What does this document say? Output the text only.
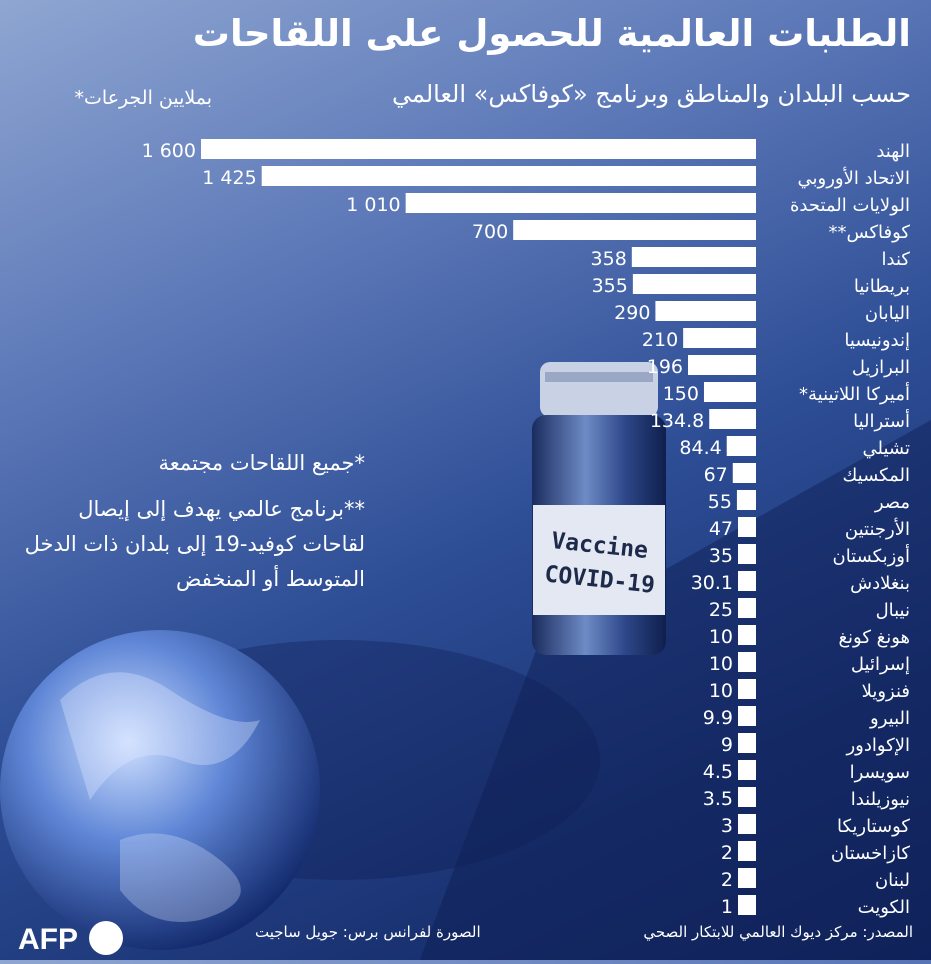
Vaccine
COVID-19
الطلبات العالمية للحصول على اللقاحات
حسب البلدان والمناطق وبرنامج «كوفاكس» العالمي
بملايين الجرعات*
1 600	الهند
1 425	الاتحاد الأوروبي
1 010	الولايات المتحدة
700	كوفاكس**
358	كندا
355	بريطانيا
290	اليابان
210	إندونيسيا
196	البرازيل
150	أميركا اللاتينية*
134.8	أستراليا
84.4	تشيلي
67	المكسيك
55	مصر
47	الأرجنتين
35	أوزبكستان
30.1	بنغلادش
25	نيبال
10	هونغ كونغ
10	إسرائيل
10	فنزويلا
9.9	البيرو
9	الإكوادور
4.5	سويسرا
3.5	نيوزيلندا
3	كوستاريكا
2	كازاخستان
2	لبنان
1	الكويت
*جميع اللقاحات مجتمعة
**برنامج عالمي يهدف إلى إيصال لقاحات كوفيد-19 إلى بلدان ذات الدخل المتوسط أو المنخفض
المصدر: مركز ديوك العالمي للابتكار الصحي
الصورة لفرانس برس: جويل ساجيت
AFP
